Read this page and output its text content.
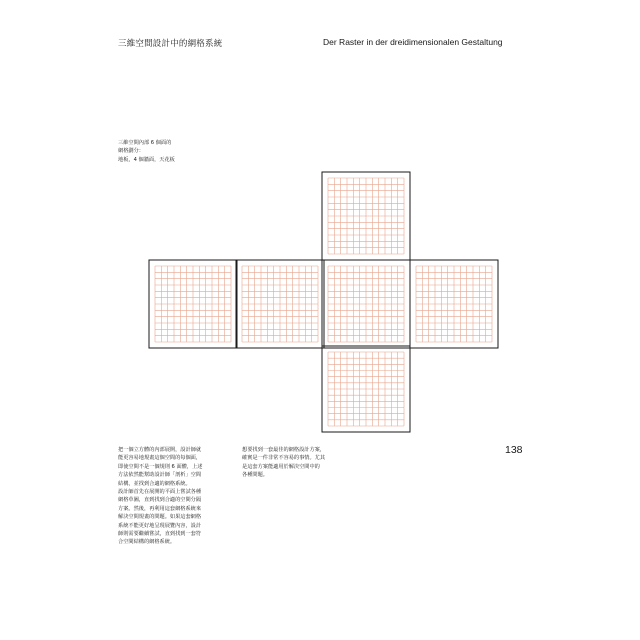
三維空間設計中的網格系統	Der Raster in der dreidimensionalen Gestaltung
三維空間內部 6 個面的
網格劃分：
地板，4 個牆面，天花板
把一個立方體的內部展開，設計師就
能更容易地規畫這個空間的每個面，
即使空間不是一個規則 6 面體，上述
方法依然能幫助設計師「剖析」空間
結構，並找到合適的網格系統。
設計師首先在展開的平面上嘗試各種
網格草圖，直到找到合適的空間分隔
方案。然後，再利用這套網格系統來
解決空間規畫的問題。如果這套網格
系統不能更好地呈現展覽內容，設計
師則需要繼續嘗試，直到找到一套符
合空間結構的網格系統。
想要找到一套最佳的網格設計方案，
確實是一件非常不容易的事情。尤其
是這套方案能適用於解決空間中的
各種問題。
138
